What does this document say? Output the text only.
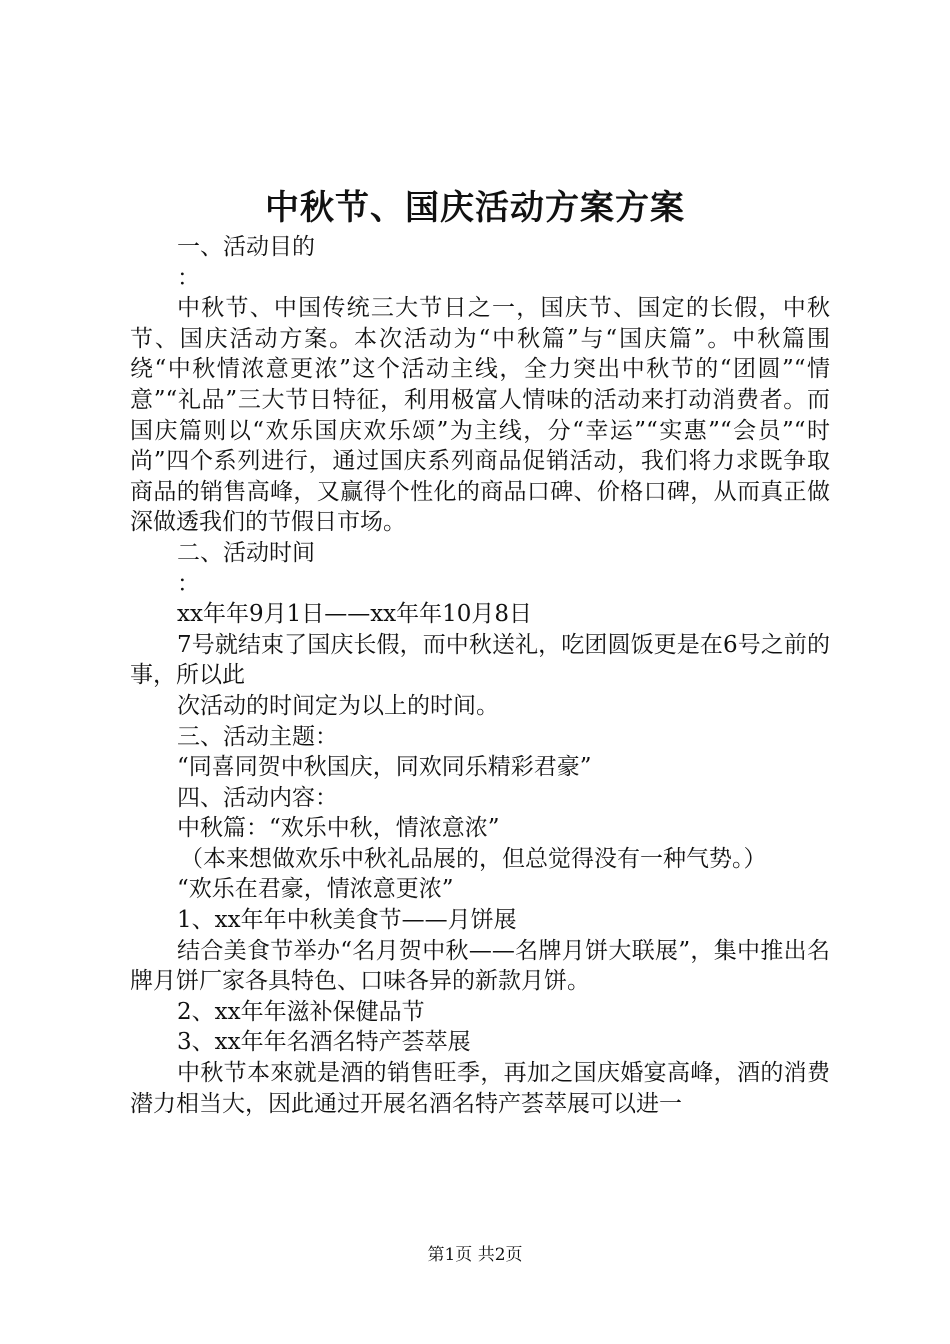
中秋节、国庆活动方案方案

一、活动目的

：

中秋节、中国传统三大节日之一，国庆节、国定的长假，中秋节、国庆活动方案。本次活动为“中秋篇”与“国庆篇”。中秋篇围绕“中秋情浓意更浓”这个活动主线，全力突出中秋节的“团圆”“情意”“礼品”三大节日特征，利用极富人情味的活动来打动消费者。而国庆篇则以“欢乐国庆欢乐颂”为主线，分“幸运”“实惠”“会员”“时尚”四个系列进行，通过国庆系列商品促销活动，我们将力求既争取商品的销售高峰，又赢得个性化的商品口碑、价格口碑，从而真正做深做透我们的节假日市场。

二、活动时间

：

xx年年9月1日——xx年年10月8日

7号就结束了国庆长假，而中秋送礼，吃团圆饭更是在6号之前的事，所以此

次活动的时间定为以上的时间。

三、活动主题：

“同喜同贺中秋国庆，同欢同乐精彩君豪”

四、活动内容：

中秋篇：“欢乐中秋，情浓意浓”

（本来想做欢乐中秋礼品展的，但总觉得没有一种气势。）

“欢乐在君豪，情浓意更浓”

1、xx年年中秋美食节——月饼展

结合美食节举办“名月贺中秋——名牌月饼大联展”，集中推出名牌月饼厂家各具特色、口味各异的新款月饼。

2、xx年年滋补保健品节

3、xx年年名酒名特产荟萃展

中秋节本來就是酒的销售旺季，再加之国庆婚宴高峰，酒的消费潜力相当大，因此通过开展名酒名特产荟萃展可以进一

第1页 共2页
